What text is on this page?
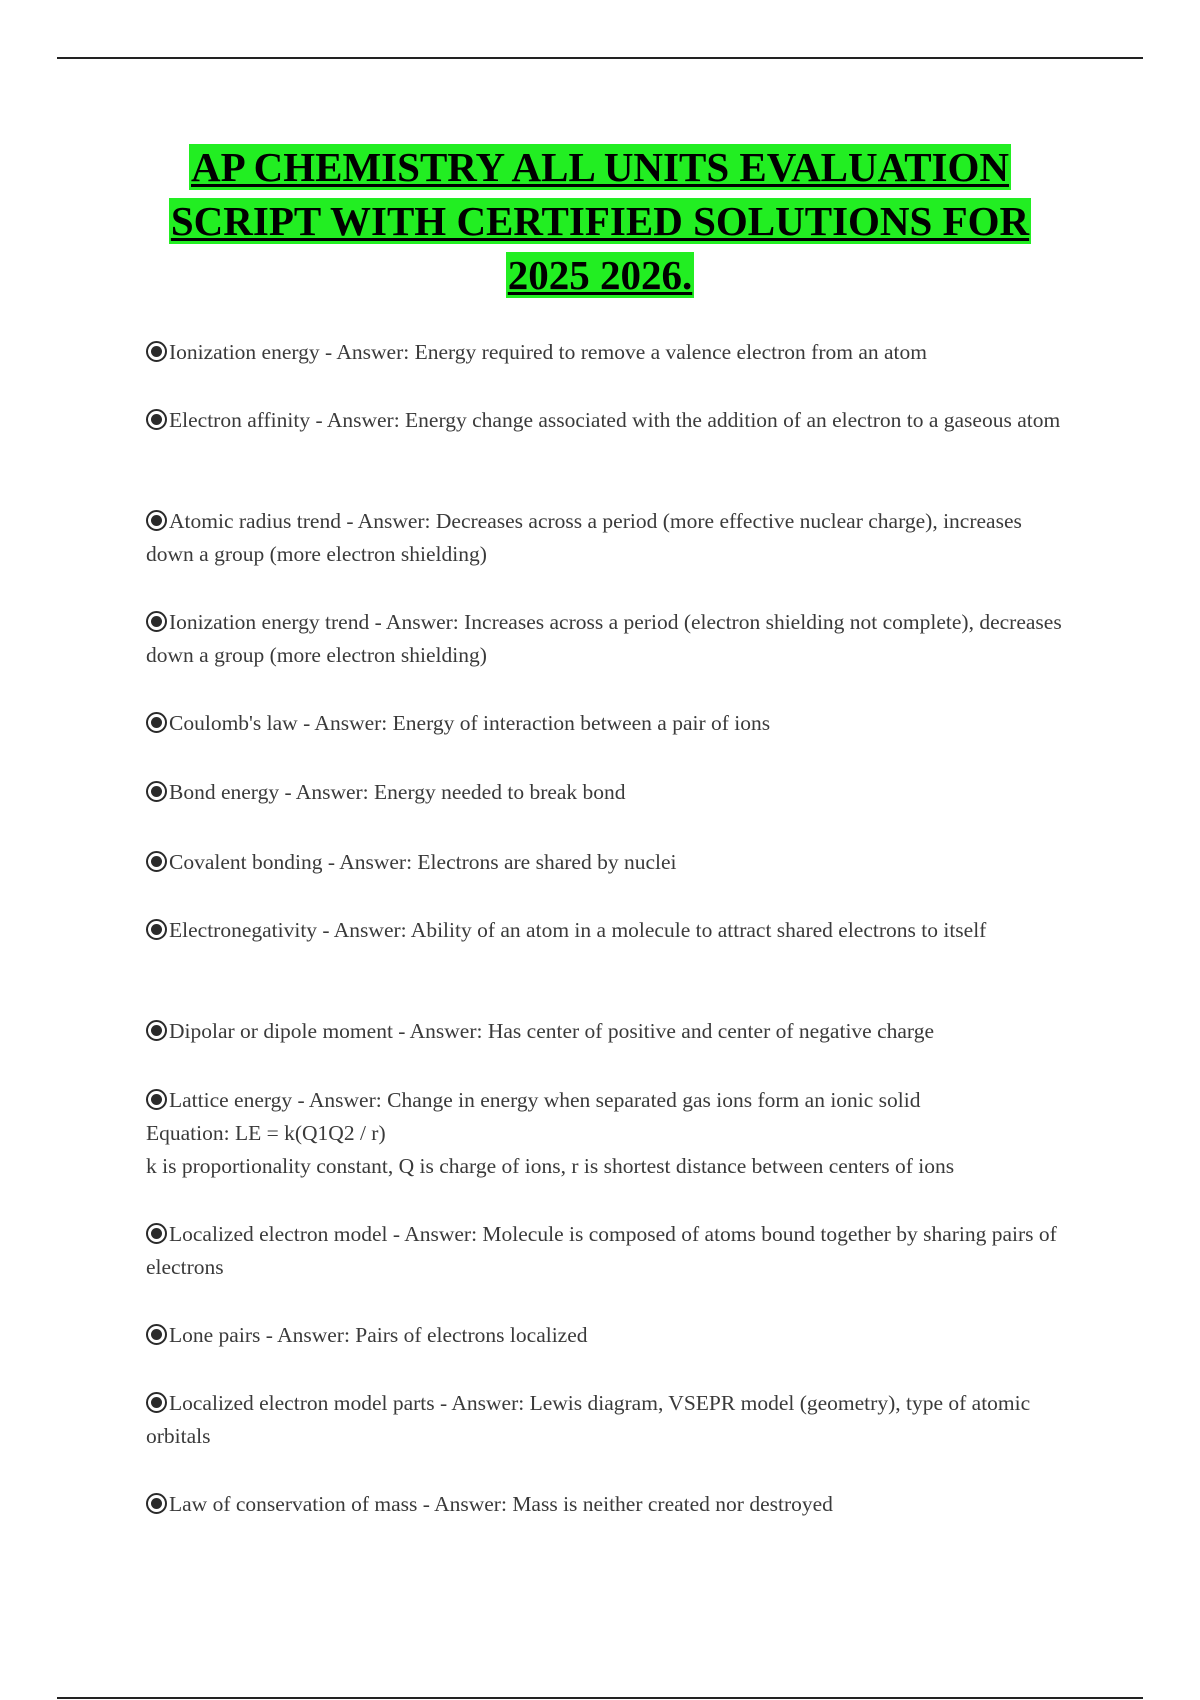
AP CHEMISTRY ALL UNITS EVALUATION
SCRIPT WITH CERTIFIED SOLUTIONS FOR
2025 2026.

Ionization energy - Answer: Energy required to remove a valence electron from an atom

Electron affinity - Answer: Energy change associated with the addition of an electron to a gaseous atom

Atomic radius trend - Answer: Decreases across a period (more effective nuclear charge), increases down a group (more electron shielding)

Ionization energy trend - Answer: Increases across a period (electron shielding not complete), decreases down a group (more electron shielding)

Coulomb's law - Answer: Energy of interaction between a pair of ions

Bond energy - Answer: Energy needed to break bond

Covalent bonding - Answer: Electrons are shared by nuclei

Electronegativity - Answer: Ability of an atom in a molecule to attract shared electrons to itself

Dipolar or dipole moment - Answer: Has center of positive and center of negative charge

Lattice energy - Answer: Change in energy when separated gas ions form an ionic solid
Equation: LE = k(Q1Q2 / r)
k is proportionality constant, Q is charge of ions, r is shortest distance between centers of ions

Localized electron model - Answer: Molecule is composed of atoms bound together by sharing pairs of electrons

Lone pairs - Answer: Pairs of electrons localized

Localized electron model parts - Answer: Lewis diagram, VSEPR model (geometry), type of atomic orbitals

Law of conservation of mass - Answer: Mass is neither created nor destroyed
